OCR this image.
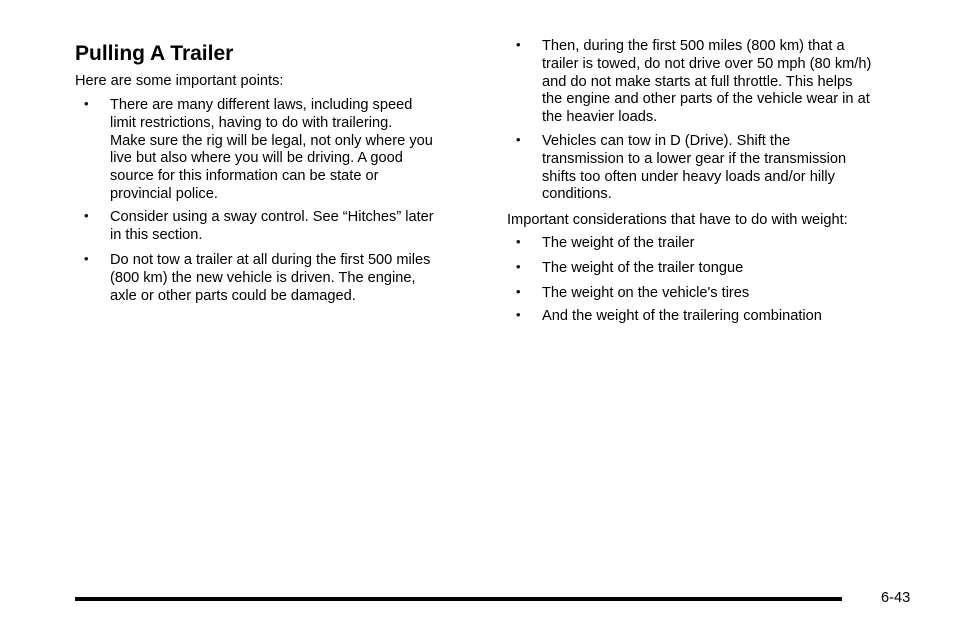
Pulling A Trailer

Here are some important points:

• There are many different laws, including speed
limit restrictions, having to do with trailering.
Make sure the rig will be legal, not only where you
live but also where you will be driving. A good
source for this information can be state or
provincial police.
• Consider using a sway control. See “Hitches” later
in this section.
• Do not tow a trailer at all during the first 500 miles
(800 km) the new vehicle is driven. The engine,
axle or other parts could be damaged.
• Then, during the first 500 miles (800 km) that a
trailer is towed, do not drive over 50 mph (80 km/h)
and do not make starts at full throttle. This helps
the engine and other parts of the vehicle wear in at
the heavier loads.
• Vehicles can tow in D (Drive). Shift the
transmission to a lower gear if the transmission
shifts too often under heavy loads and/or hilly
conditions.

Important considerations that have to do with weight:

• The weight of the trailer
• The weight of the trailer tongue
• The weight on the vehicle's tires
• And the weight of the trailering combination
6-43
